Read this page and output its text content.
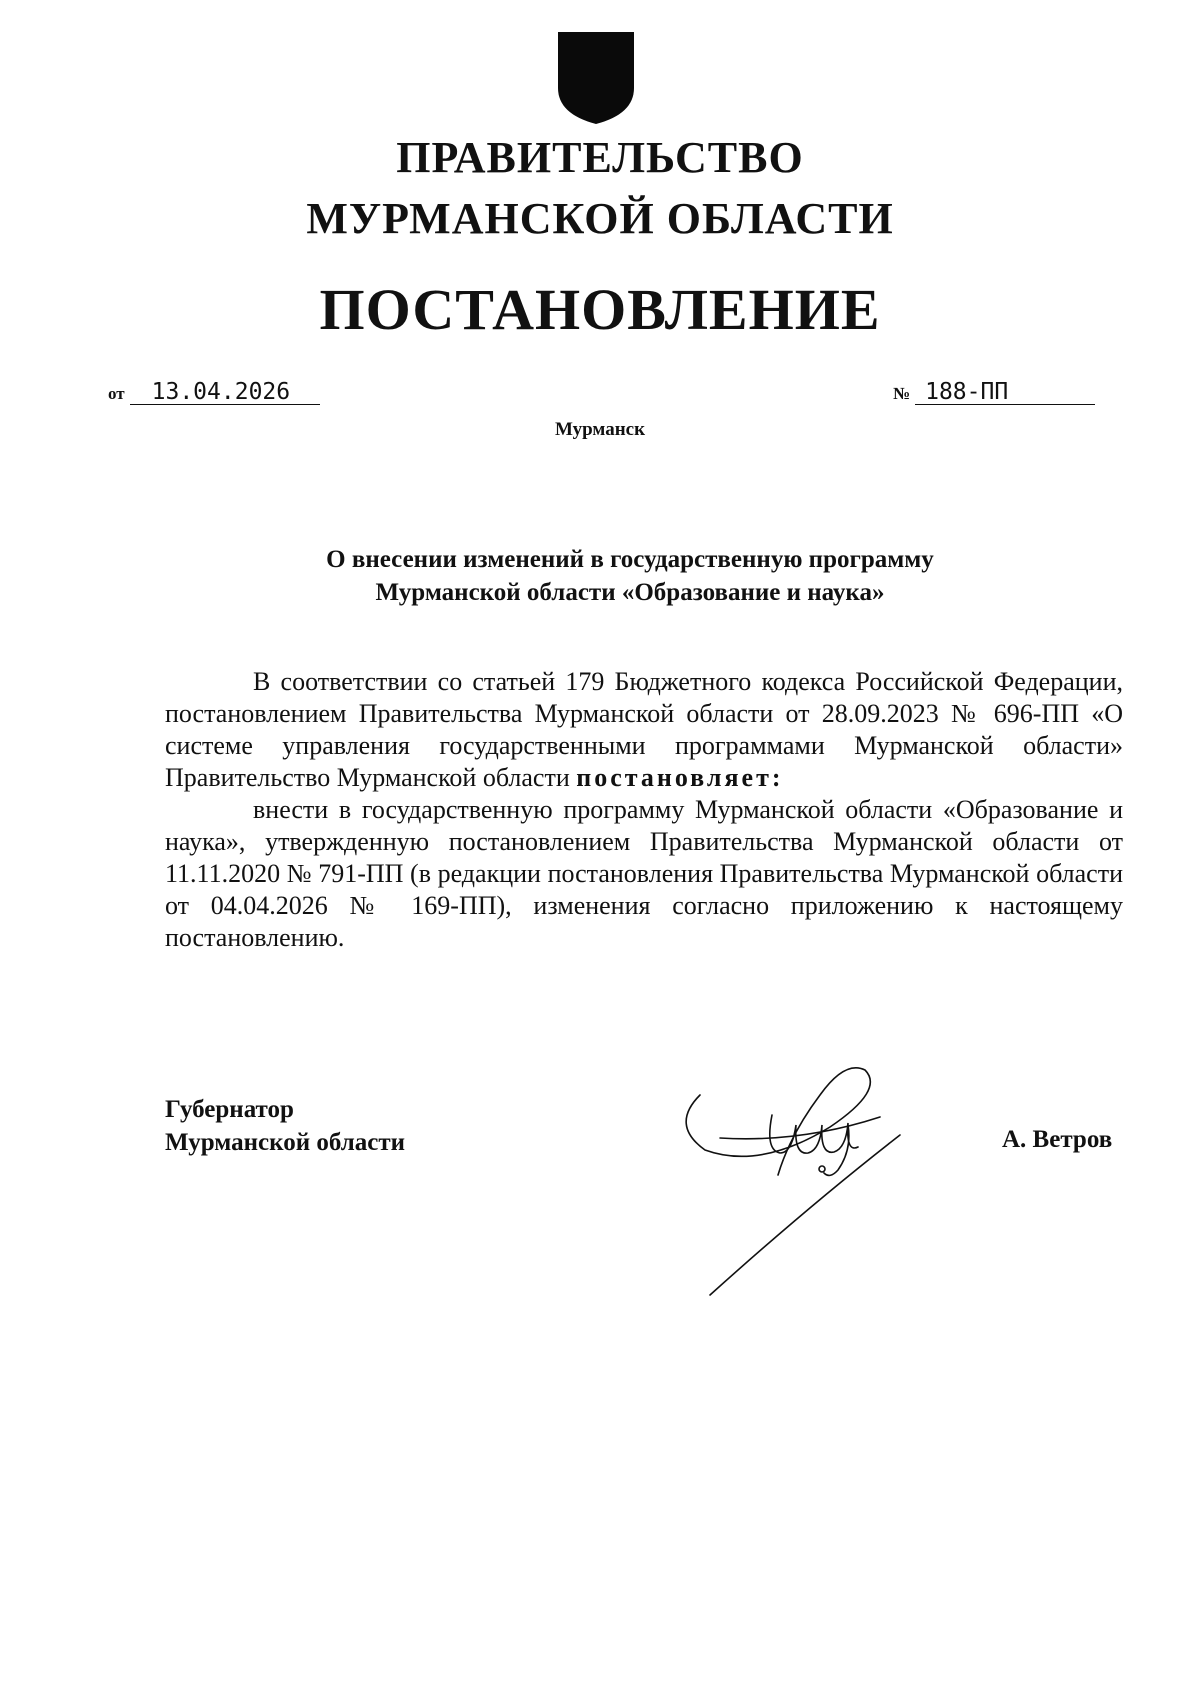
ПРАВИТЕЛЬСТВО
МУРМАНСКОЙ ОБЛАСТИ
ПОСТАНОВЛЕНИЕ
от 13.04.2026	№ 188-ПП
Мурманск
О внесении изменений в государственную программу
Мурманской области «Образование и наука»

В соответствии со статьей 179 Бюджетного кодекса Российской Федерации, постановлением Правительства Мурманской области от 28.09.2023 № 696-ПП «О системе управления государственными программами Мурманской области» Правительство Мурманской области постановляет:

внести в государственную программу Мурманской области «Образование и наука», утвержденную постановлением Правительства Мурманской области от 11.11.2020 № 791-ПП (в редакции постановления Правительства Мурманской области от 04.04.2026 № 169-ПП), изменения согласно приложению к настоящему постановлению.

Губернатор
Мурманской области	А. Ветров
